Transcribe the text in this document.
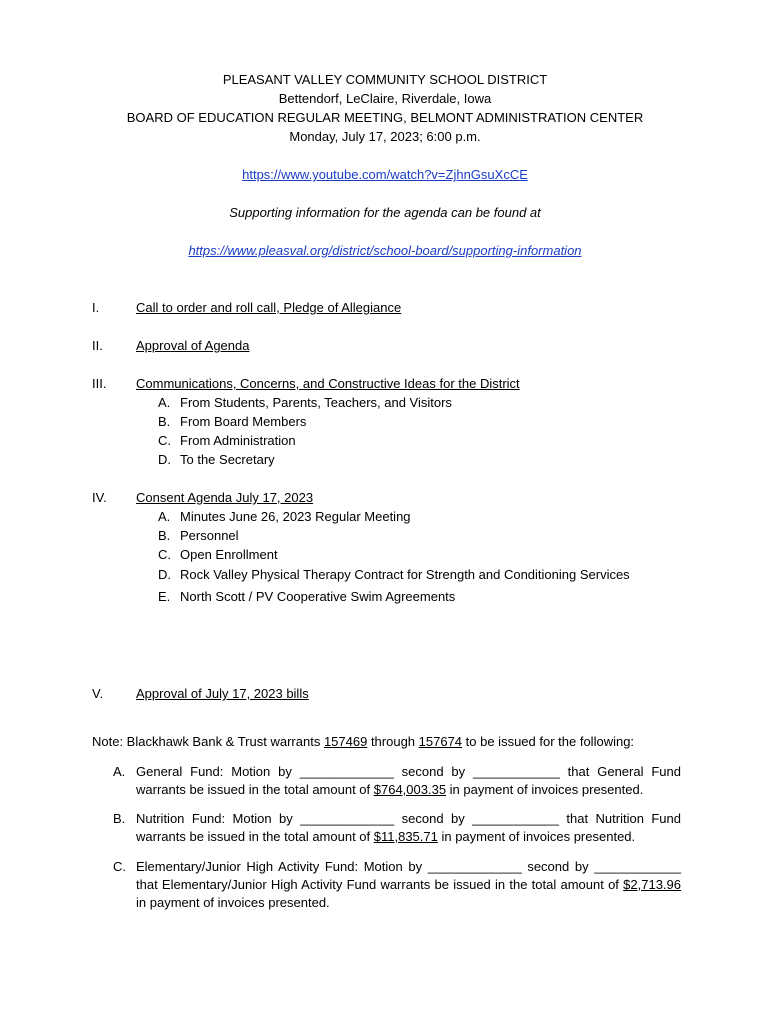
PLEASANT VALLEY COMMUNITY SCHOOL DISTRICT
Bettendorf, LeClaire, Riverdale, Iowa
BOARD OF EDUCATION REGULAR MEETING, BELMONT ADMINISTRATION CENTER
Monday, July 17, 2023; 6:00 p.m.
https://www.youtube.com/watch?v=ZjhnGsuXcCE
Supporting information for the agenda can be found at
https://www.pleasval.org/district/school-board/supporting-information
I.	Call to order and roll call, Pledge of Allegiance
II.	Approval of Agenda
III. Communications, Concerns, and Constructive Ideas for the District
A. From Students, Parents, Teachers, and Visitors
B. From Board Members
C. From Administration
D. To the Secretary
IV. Consent Agenda July 17, 2023
A. Minutes June 26, 2023 Regular Meeting
B. Personnel
C. Open Enrollment
D. Rock Valley Physical Therapy Contract for Strength and Conditioning Services
E. North Scott / PV Cooperative Swim Agreements
V.	Approval of July 17, 2023 bills
Note: Blackhawk Bank & Trust warrants 157469 through 157674 to be issued for the following:
A. General Fund: Motion by _____________ second by ____________ that General Fund warrants be issued in the total amount of $764,003.35 in payment of invoices presented.
B. Nutrition Fund: Motion by _____________ second by ____________ that Nutrition Fund warrants be issued in the total amount of $11,835.71 in payment of invoices presented.
C. Elementary/Junior High Activity Fund: Motion by _____________ second by ____________ that Elementary/Junior High Activity Fund warrants be issued in the total amount of $2,713.96 in payment of invoices presented.
